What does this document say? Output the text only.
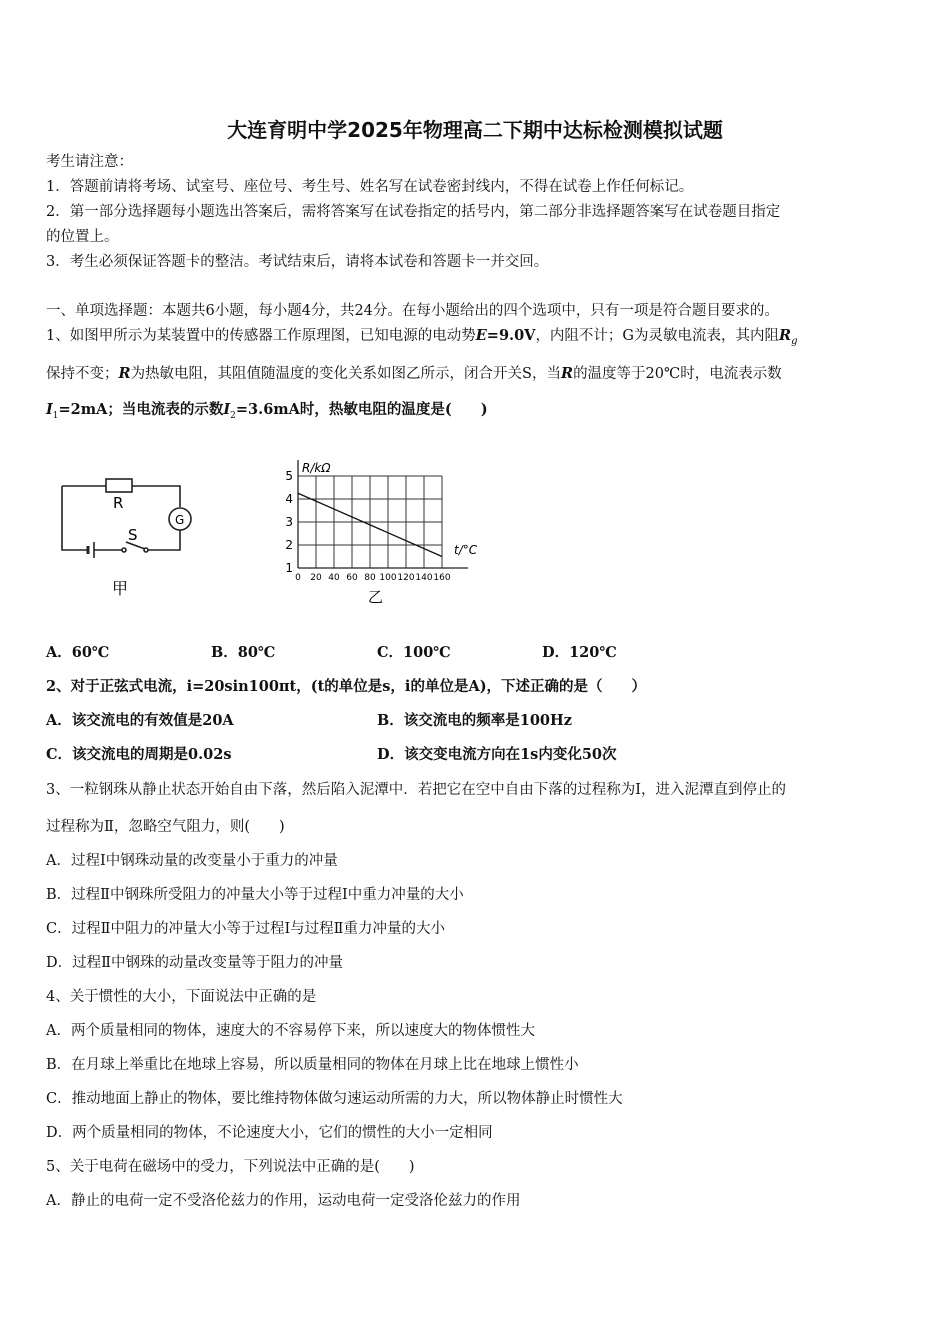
大连育明中学2025年物理高二下期中达标检测模拟试题
考生请注意：
1．答题前请将考场、试室号、座位号、考生号、姓名写在试卷密封线内，不得在试卷上作任何标记。
2．第一部分选择题每小题选出答案后，需将答案写在试卷指定的括号内，第二部分非选择题答案写在试卷题目指定
的位置上。
3．考生必须保证答题卡的整洁。考试结束后，请将本试卷和答题卡一并交回。
一、单项选择题：本题共6小题，每小题4分，共24分。在每小题给出的四个选项中，只有一项是符合题目要求的。
1、如图甲所示为某装置中的传感器工作原理图，已知电源的电动势E=9.0V，内阻不计；G为灵敏电流表，其内阻$R_g$
保持不变；R为热敏电阻，其阻值随温度的变化关系如图乙所示，闭合开关S，当R的温度等于20℃时，电流表示数
$I_1=2mA$；当电流表的示数$I_2=3.6mA$时，热敏电阻的温度是(　　)
R
G
S
甲
0 20 40 60 80 100 120 140 160
1
2
3
4
5
R/kΩ
t/°C
乙
A．60℃	B．80℃	C．100℃	D．120℃
2、对于正弦式电流，i=20sin100πt，(t的单位是s，i的单位是A)，下述正确的是（　　）
A．该交流电的有效值是20A	B．该交流电的频率是100Hz
C．该交流电的周期是0.02s	D．该交变电流方向在1s内变化50次
3、一粒钢珠从静止状态开始自由下落，然后陷入泥潭中．若把它在空中自由下落的过程称为Ⅰ，进入泥潭直到停止的
过程称为Ⅱ，忽略空气阻力，则(　　)
A．过程Ⅰ中钢珠动量的改变量小于重力的冲量
B．过程Ⅱ中钢珠所受阻力的冲量大小等于过程Ⅰ中重力冲量的大小
C．过程Ⅱ中阻力的冲量大小等于过程Ⅰ与过程Ⅱ重力冲量的大小
D．过程Ⅱ中钢珠的动量改变量等于阻力的冲量
4、关于惯性的大小，下面说法中正确的是
A．两个质量相同的物体，速度大的不容易停下来，所以速度大的物体惯性大
B．在月球上举重比在地球上容易，所以质量相同的物体在月球上比在地球上惯性小
C．推动地面上静止的物体，要比维持物体做匀速运动所需的力大，所以物体静止时惯性大
D．两个质量相同的物体，不论速度大小，它们的惯性的大小一定相同
5、关于电荷在磁场中的受力，下列说法中正确的是(　　)
A．静止的电荷一定不受洛伦兹力的作用，运动电荷一定受洛伦兹力的作用
